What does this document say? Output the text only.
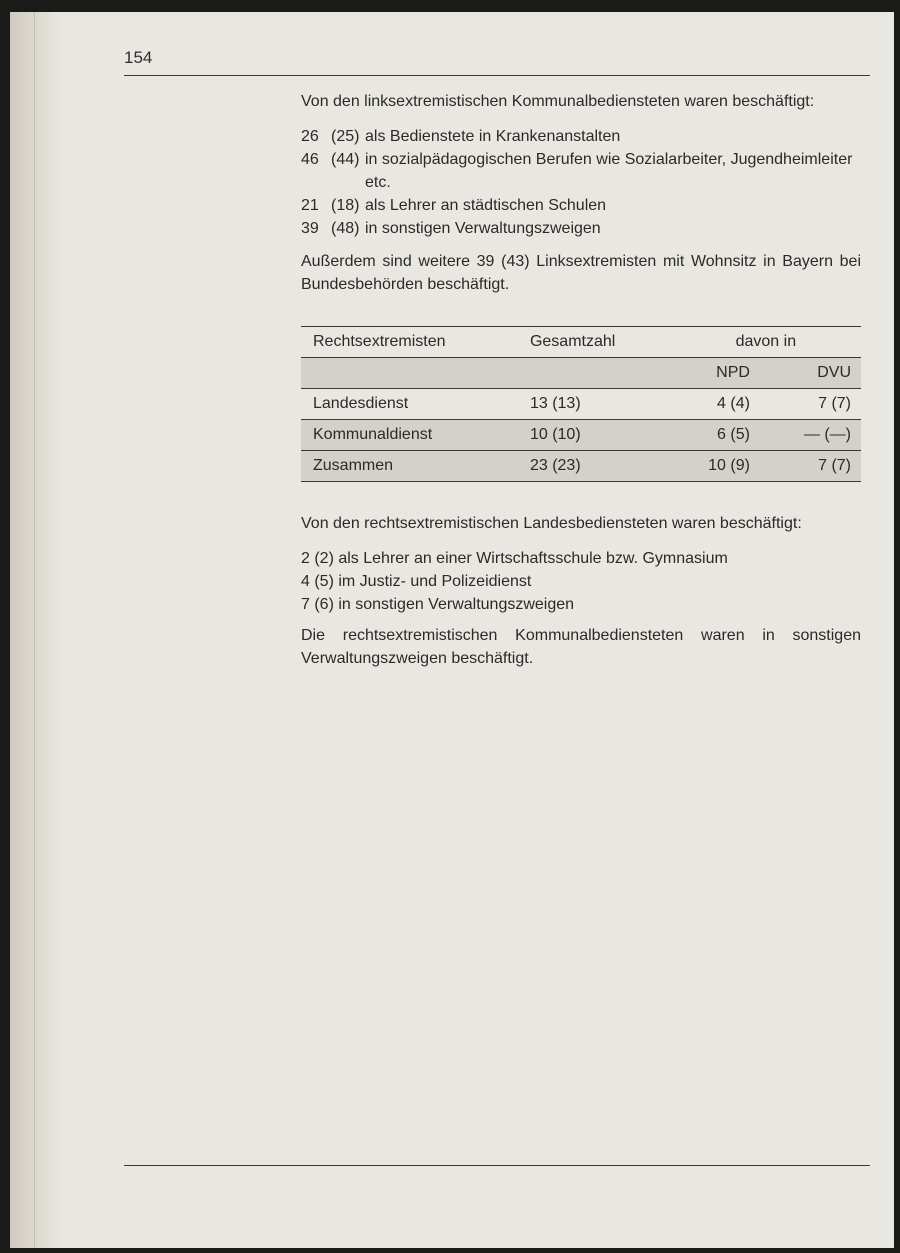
154

Von den linksextremistischen Kommunalbediensteten waren beschäftigt:

26 (25) als Bedienstete in Krankenanstalten
46 (44) in sozialpädagogischen Berufen wie Sozialarbeiter, Jugendheimleiter etc.
21 (18) als Lehrer an städtischen Schulen
39 (48) in sonstigen Verwaltungszweigen

Außerdem sind weitere 39 (43) Linksextremisten mit Wohnsitz in Bayern bei Bundesbehörden beschäftigt.

Rechtsextremisten	Gesamtzahl	davon in	
		NPD	DVU
Landesdienst	13 (13)	4 (4)	7 (7)
Kommunaldienst	10 (10)	6 (5)	— (—)
Zusammen	23 (23)	10 (9)	7 (7)

Von den rechtsextremistischen Landesbediensteten waren beschäftigt:

2 (2) als Lehrer an einer Wirtschaftsschule bzw. Gymnasium
4 (5) im Justiz- und Polizeidienst
7 (6) in sonstigen Verwaltungszweigen

Die rechtsextremistischen Kommunalbediensteten waren in sonstigen Verwaltungszweigen beschäftigt.
